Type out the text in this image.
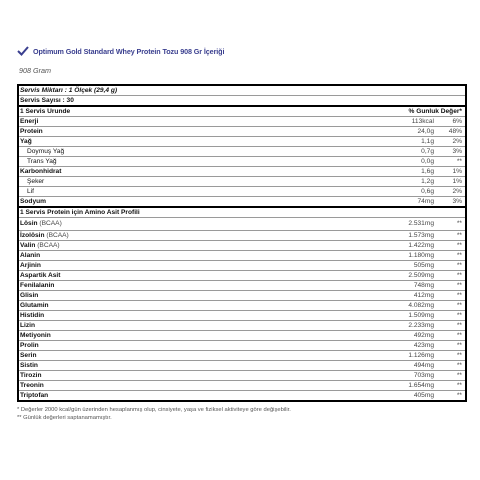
Optimum Gold Standard Whey Protein Tozu 908 Gr İçeriği
908 Gram
Servis Miktarı : 1 Ölçek (29,4 g)
Servis Sayısı : 30
1 Servis Urunde	% Gunluk Değer*
Enerji	113kcal	6%
Protein	24,0g 48%
Yağ	1,1g	2%
Doymuş Yağ	0,7g	3%
Trans Yağ	0,0g	**
Karbonhidrat	1,6g	1%
Şeker	1,2g	1%
Lif	0,6g	2%
Sodyum	74mg	3%
1 Servis Protein için Amino Asit Profili
Lösin (BCAA)	2.531mg	**
İzolösin (BCAA)	1.573mg	**
Valin (BCAA)	1.422mg	**
Alanin	1.180mg	**
Arjinin	505mg	**
Aspartik Asit	2.509mg	**
Fenilalanin	748mg	**
Glisin	412mg	**
Glutamin	4.082mg	**
Histidin	1.509mg	**
Lizin	2.233mg	**
Metiyonin	492mg	**
Prolin	423mg	**
Serin	1.126mg	**
Sistin	494mg	**
Tirozin	703mg	**
Treonin	1.654mg	**
Triptofan	405mg	**
* Değerler 2000 kcal/gün üzerinden hesaplanmış olup, cinsiyete, yaşa ve fiziksel aktiviteye göre değişebilir.
** Günlük değerleri saptanamamıştır.
